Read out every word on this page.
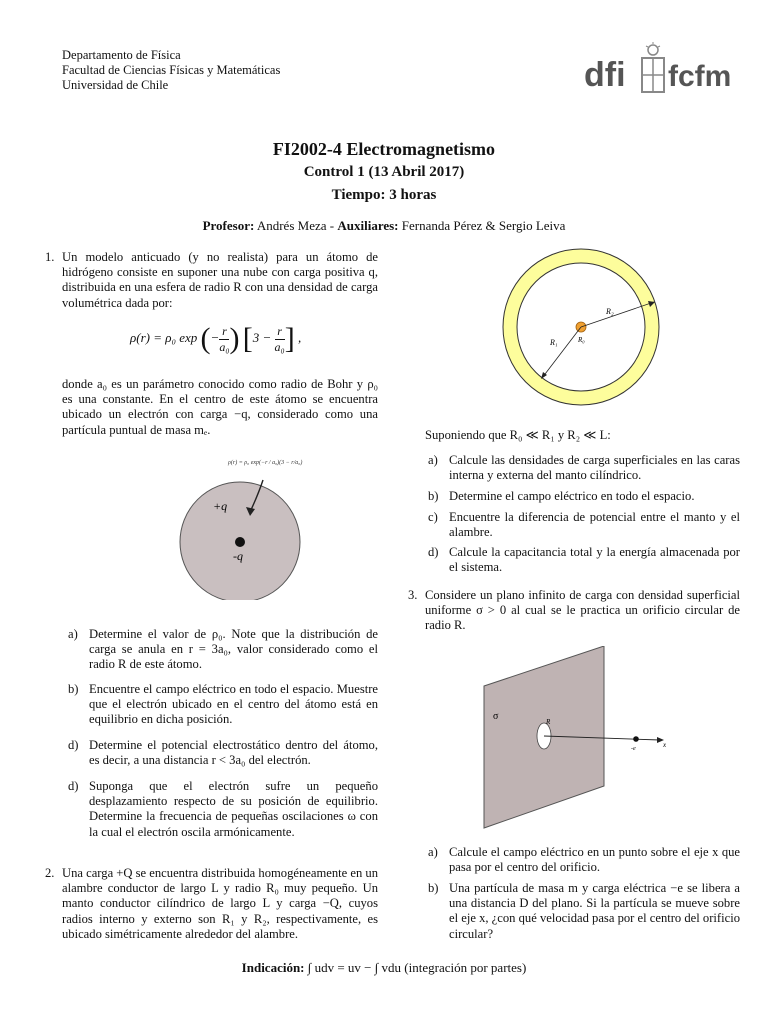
Departamento de Física
Facultad de Ciencias Físicas y Matemáticas
Universidad de Chile	dfi fcfm
FI2002-4 Electromagnetismo
Control 1 (13 Abril 2017)
Tiempo: 3 horas
Profesor: Andrés Meza - Auxiliares: Fernanda Pérez & Sergio Leiva
1. Un modelo anticuado (y no realista) para un átomo de hidrógeno consiste en suponer una nube con carga positiva q, distribuida en una esfera de radio R con una densidad de carga volumétrica dada por:
ρ(r) = ρ₀ exp (− $\frac{r}{\text{a₀}}$ ) [$3 - \frac{r}{\text{a₀}}$ ] ,
donde a₀ es un parámetro conocido como radio de Bohr y ρ₀ es una constante. En el centro de este átomo se encuentra ubicado un electrón con carga −q, considerado como una partícula puntual de masa mₑ.
ρ(r) = ρ₀ exp(−r / a₀)(3 − r/a₀)
+q
-q
a) Determine el valor de ρ₀. Note que la distribución de carga se anula en r = 3a₀, valor considerado como el radio R de este átomo.
b) Encuentre el campo eléctrico en todo el espacio. Muestre que el electrón ubicado en el centro del átomo está en equilibrio en dicha posición.
d) Determine el potencial electrostático dentro del átomo, es decir, a una distancia r < 3a₀ del electrón.
d) Suponga que el electrón sufre un pequeño desplazamiento respecto de su posición de equilibrio. Determine la frecuencia de pequeñas oscilaciones ω con la cual el electrón oscila armónicamente.
2. Una carga +Q se encuentra distribuida homogéneamente en un alambre conductor de largo L y radio R₀ muy pequeño. Un manto conductor cilíndrico de largo L y carga −Q, cuyos radios interno y externo son R₁ y R₂, respectivamente, es ubicado simétricamente alrededor del alambre.
R₂
R₁	R₀
Suponiendo que R₀ ≪ R₁ y R₂ ≪ L:
a) Calcule las densidades de carga superficiales en las caras interna y externa del manto cilíndrico.
b) Determine el campo eléctrico en todo el espacio.
c) Encuentre la diferencia de potencial entre el manto y el alambre.
d) Calcule la capacitancia total y la energía almacenada por el sistema.
3. Considere un plano infinito de carga con densidad superficial uniforme σ > 0 al cual se le practica un orificio circular de radio R.
σ	R
-e	x
a) Calcule el campo eléctrico en un punto sobre el eje x que pasa por el centro del orificio.
b) Una partícula de masa m y carga eléctrica −e se libera a una distancia D del plano. Si la partícula se mueve sobre el eje x, ¿con qué velocidad pasa por el centro del orificio circular?
Indicación: ∫ udv = uv − ∫ vdu (integración por partes)
